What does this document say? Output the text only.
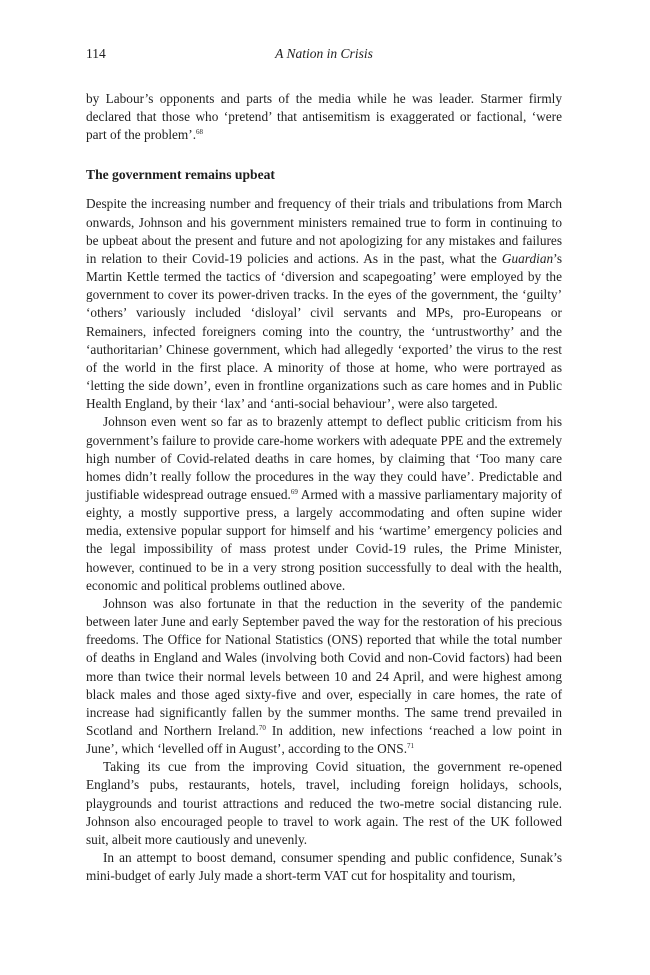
114	A Nation in Crisis

by Labour’s opponents and parts of the media while he was leader. Starmer firmly declared that those who ‘pretend’ that antisemitism is exaggerated or factional, ‘were part of the problem’.$^{68}$

The government remains upbeat

Despite the increasing number and frequency of their trials and tribulations from March onwards, Johnson and his government ministers remained true to form in continuing to be upbeat about the present and future and not apologizing for any mistakes and failures in relation to their Covid-19 policies and actions. As in the past, what the Guardian’s Martin Kettle termed the tactics of ‘diversion and scapegoating’ were employed by the government to cover its power-driven tracks. In the eyes of the government, the ‘guilty’ ‘others’ variously included ‘disloyal’ civil servants and MPs, pro-Europeans or Remainers, infected foreigners coming into the country, the ‘untrustworthy’ and the ‘authoritarian’ Chinese government, which had allegedly ‘exported’ the virus to the rest of the world in the first place. A minority of those at home, who were portrayed as ‘letting the side down’, even in frontline organizations such as care homes and in Public Health England, by their ‘lax’ and ‘anti-social behaviour’, were also targeted.

Johnson even went so far as to brazenly attempt to deflect public criticism from his government’s failure to provide care-home workers with adequate PPE and the extremely high number of Covid-related deaths in care homes, by claiming that ‘Too many care homes didn’t really follow the procedures in the way they could have’. Predictable and justifiable widespread outrage ensued.$^{69}$ Armed with a massive parliamentary majority of eighty, a mostly supportive press, a largely accommodating and often supine wider media, extensive popular support for himself and his ‘wartime’ emergency policies and the legal impossibility of mass protest under Covid-19 rules, the Prime Minister, however, continued to be in a very strong position successfully to deal with the health, economic and political problems outlined above.

Johnson was also fortunate in that the reduction in the severity of the pandemic between later June and early September paved the way for the restoration of his precious freedoms. The Office for National Statistics (ONS) reported that while the total number of deaths in England and Wales (involving both Covid and non-Covid factors) had been more than twice their normal levels between 10 and 24 April, and were highest among black males and those aged sixty-five and over, especially in care homes, the rate of increase had significantly fallen by the summer months. The same trend prevailed in Scotland and Northern Ireland.$^{70}$ In addition, new infections ‘reached a low point in June’, which ‘levelled off in August’, according to the ONS.$^{71}$

Taking its cue from the improving Covid situation, the government re-opened England’s pubs, restaurants, hotels, travel, including foreign holidays, schools, playgrounds and tourist attractions and reduced the two-metre social distancing rule. Johnson also encouraged people to travel to work again. The rest of the UK followed suit, albeit more cautiously and unevenly.

In an attempt to boost demand, consumer spending and public confidence, Sunak’s mini-budget of early July made a short-term VAT cut for hospitality and tourism,
